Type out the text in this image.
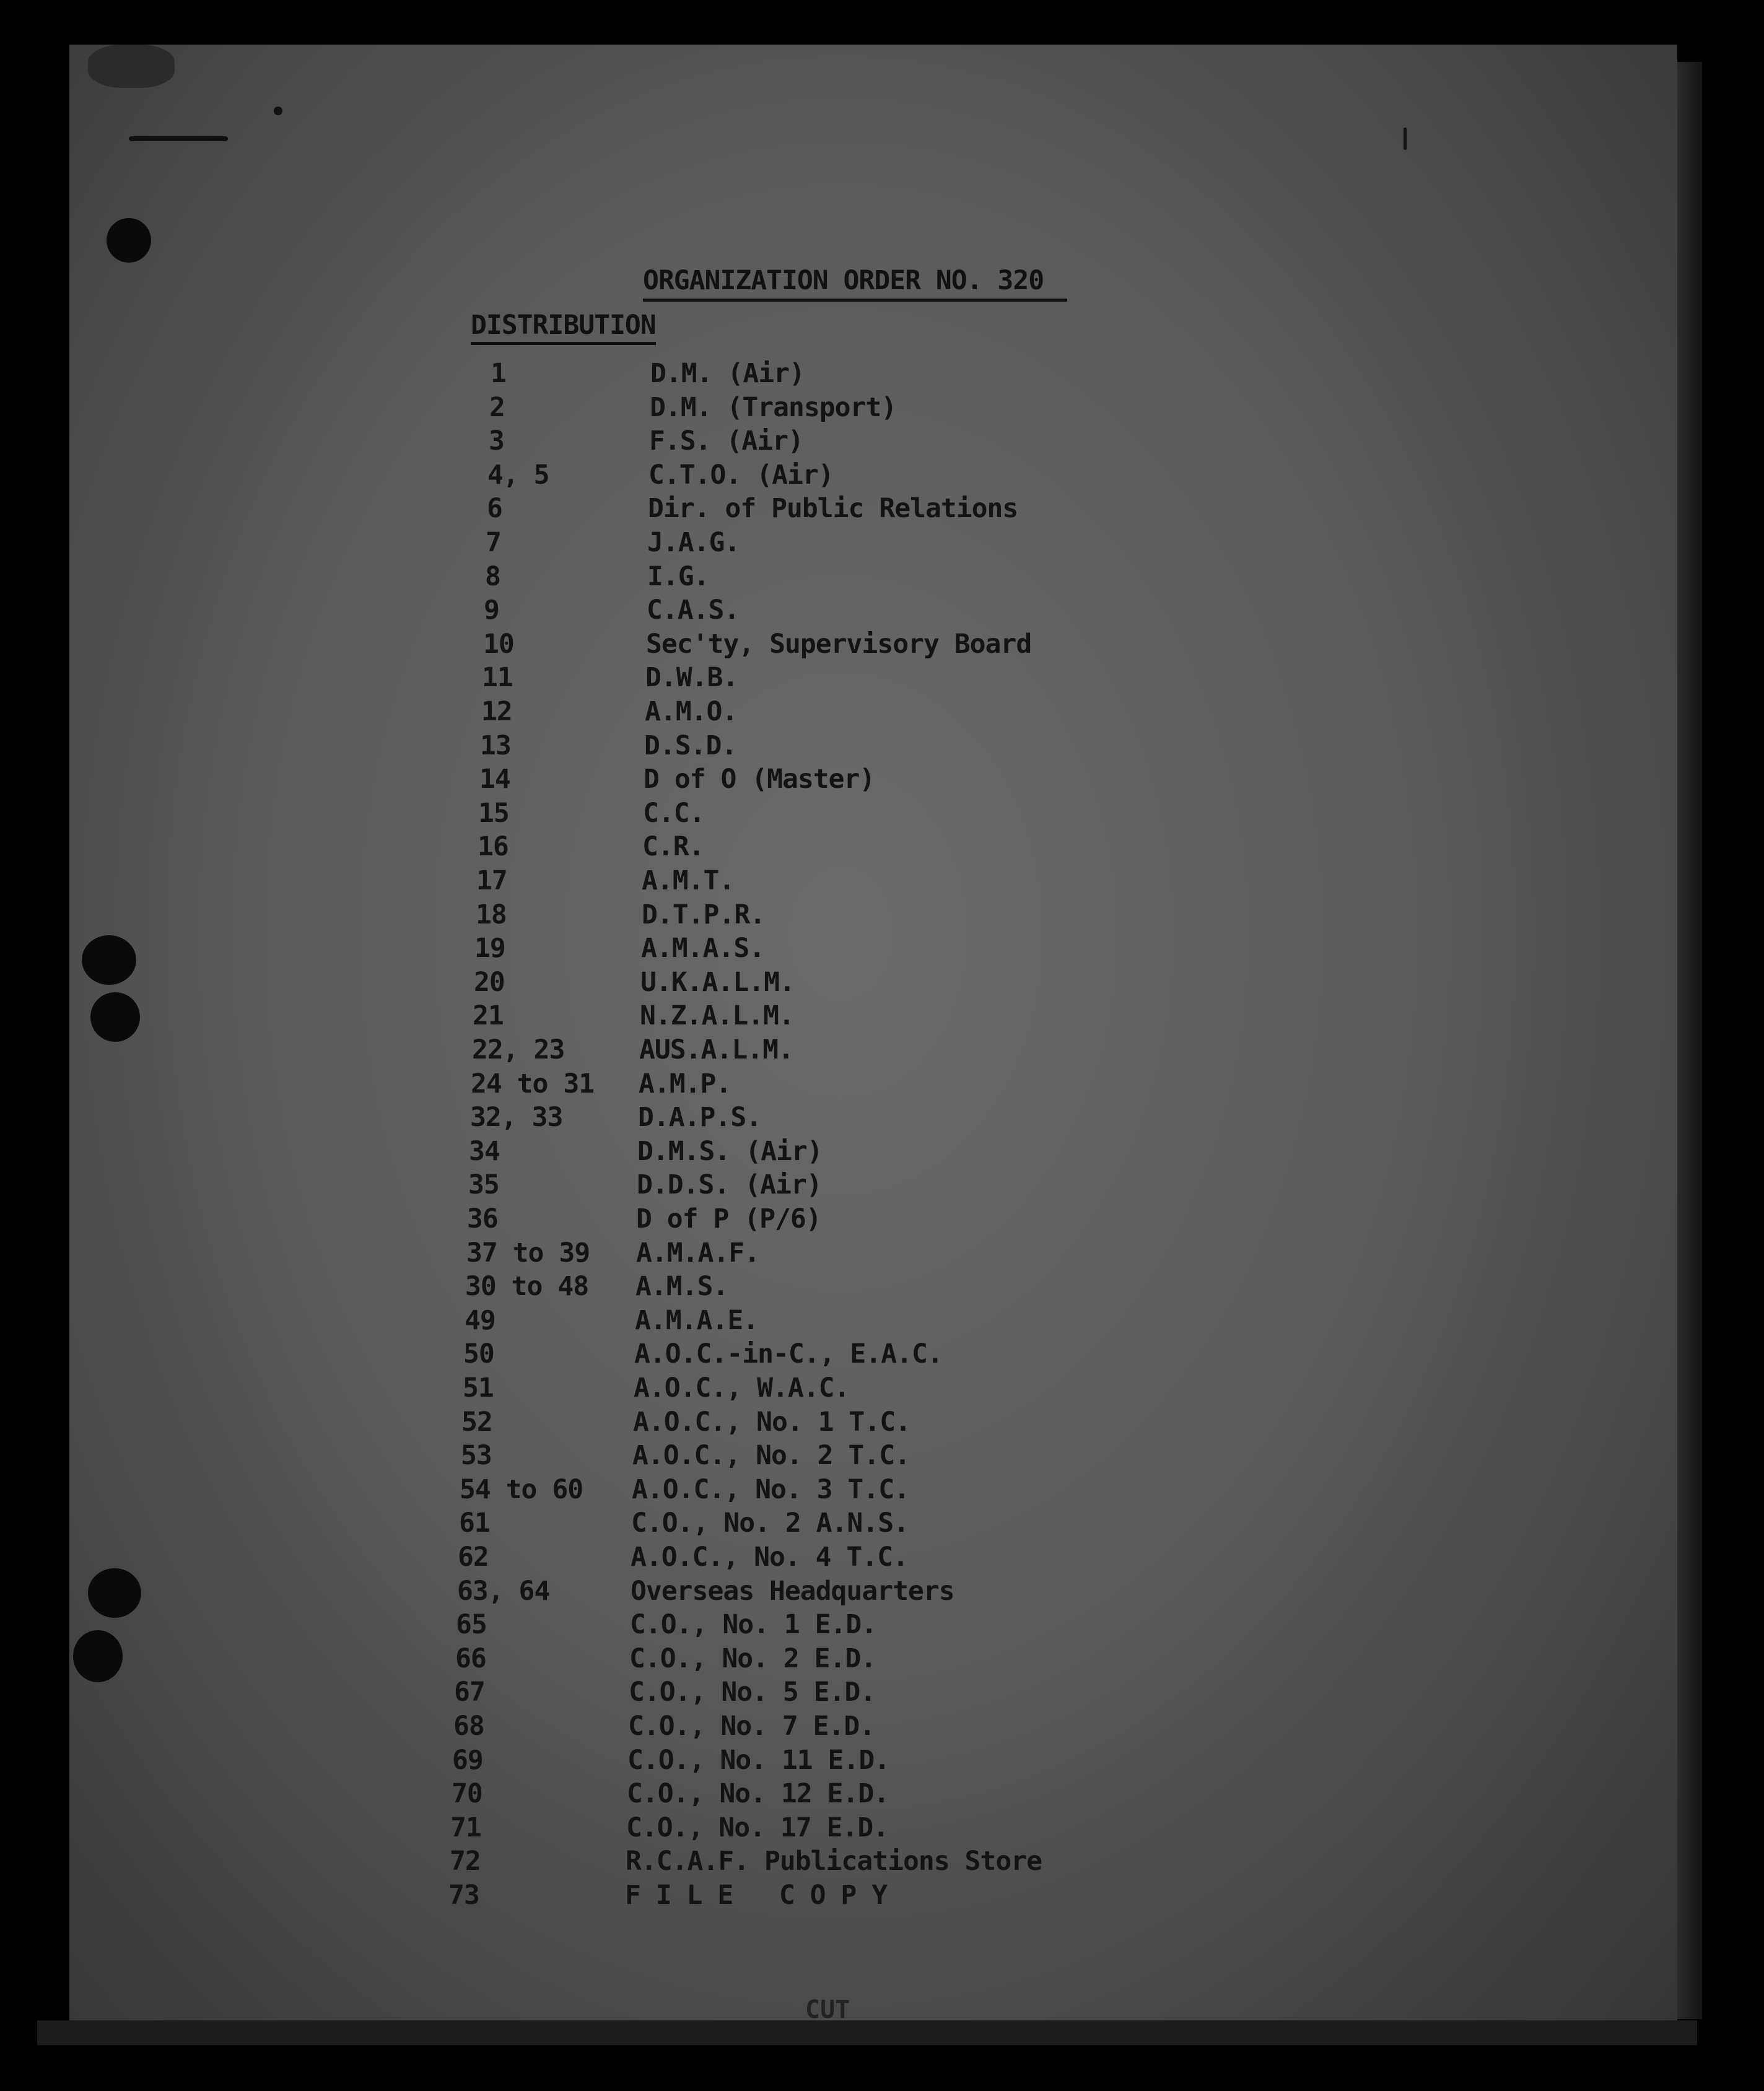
ORGANIZATION ORDER NO. 320
DISTRIBUTION
1	D.M. (Air)
2	D.M. (Transport)
3	F.S. (Air)
4, 5	C.T.O. (Air)
6	Dir. of Public Relations
7	J.A.G.
8	I.G.
9	C.A.S.
10	Sec'ty, Supervisory Board
11	D.W.B.
12	A.M.O.
13	D.S.D.
14	D of O (Master)
15	C.C.
16	C.R.
17	A.M.T.
18	D.T.P.R.
19	A.M.A.S.
20	U.K.A.L.M.
21	N.Z.A.L.M.
22, 23	AUS.A.L.M.
24 to 31 A.M.P.
32, 33	D.A.P.S.
34	D.M.S. (Air)
35	D.D.S. (Air)
36	D of P (P/6)
37 to 39 A.M.A.F.
30 to 48 A.M.S.
49	A.M.A.E.
50	A.O.C.-in-C., E.A.C.
51	A.O.C., W.A.C.
52	A.O.C., No. 1 T.C.
53	A.O.C., No. 2 T.C.
54 to 60 A.O.C., No. 3 T.C.
61	C.O., No. 2 A.N.S.
62	A.O.C., No. 4 T.C.
63, 64	Overseas Headquarters
65	C.O., No. 1 E.D.
66	C.O., No. 2 E.D.
67	C.O., No. 5 E.D.
68	C.O., No. 7 E.D.
69	C.O., No. 11 E.D.
70	C.O., No. 12 E.D.
71	C.O., No. 17 E.D.
72	R.C.A.F. Publications Store
73	F I L E   C O P Y
CUT
